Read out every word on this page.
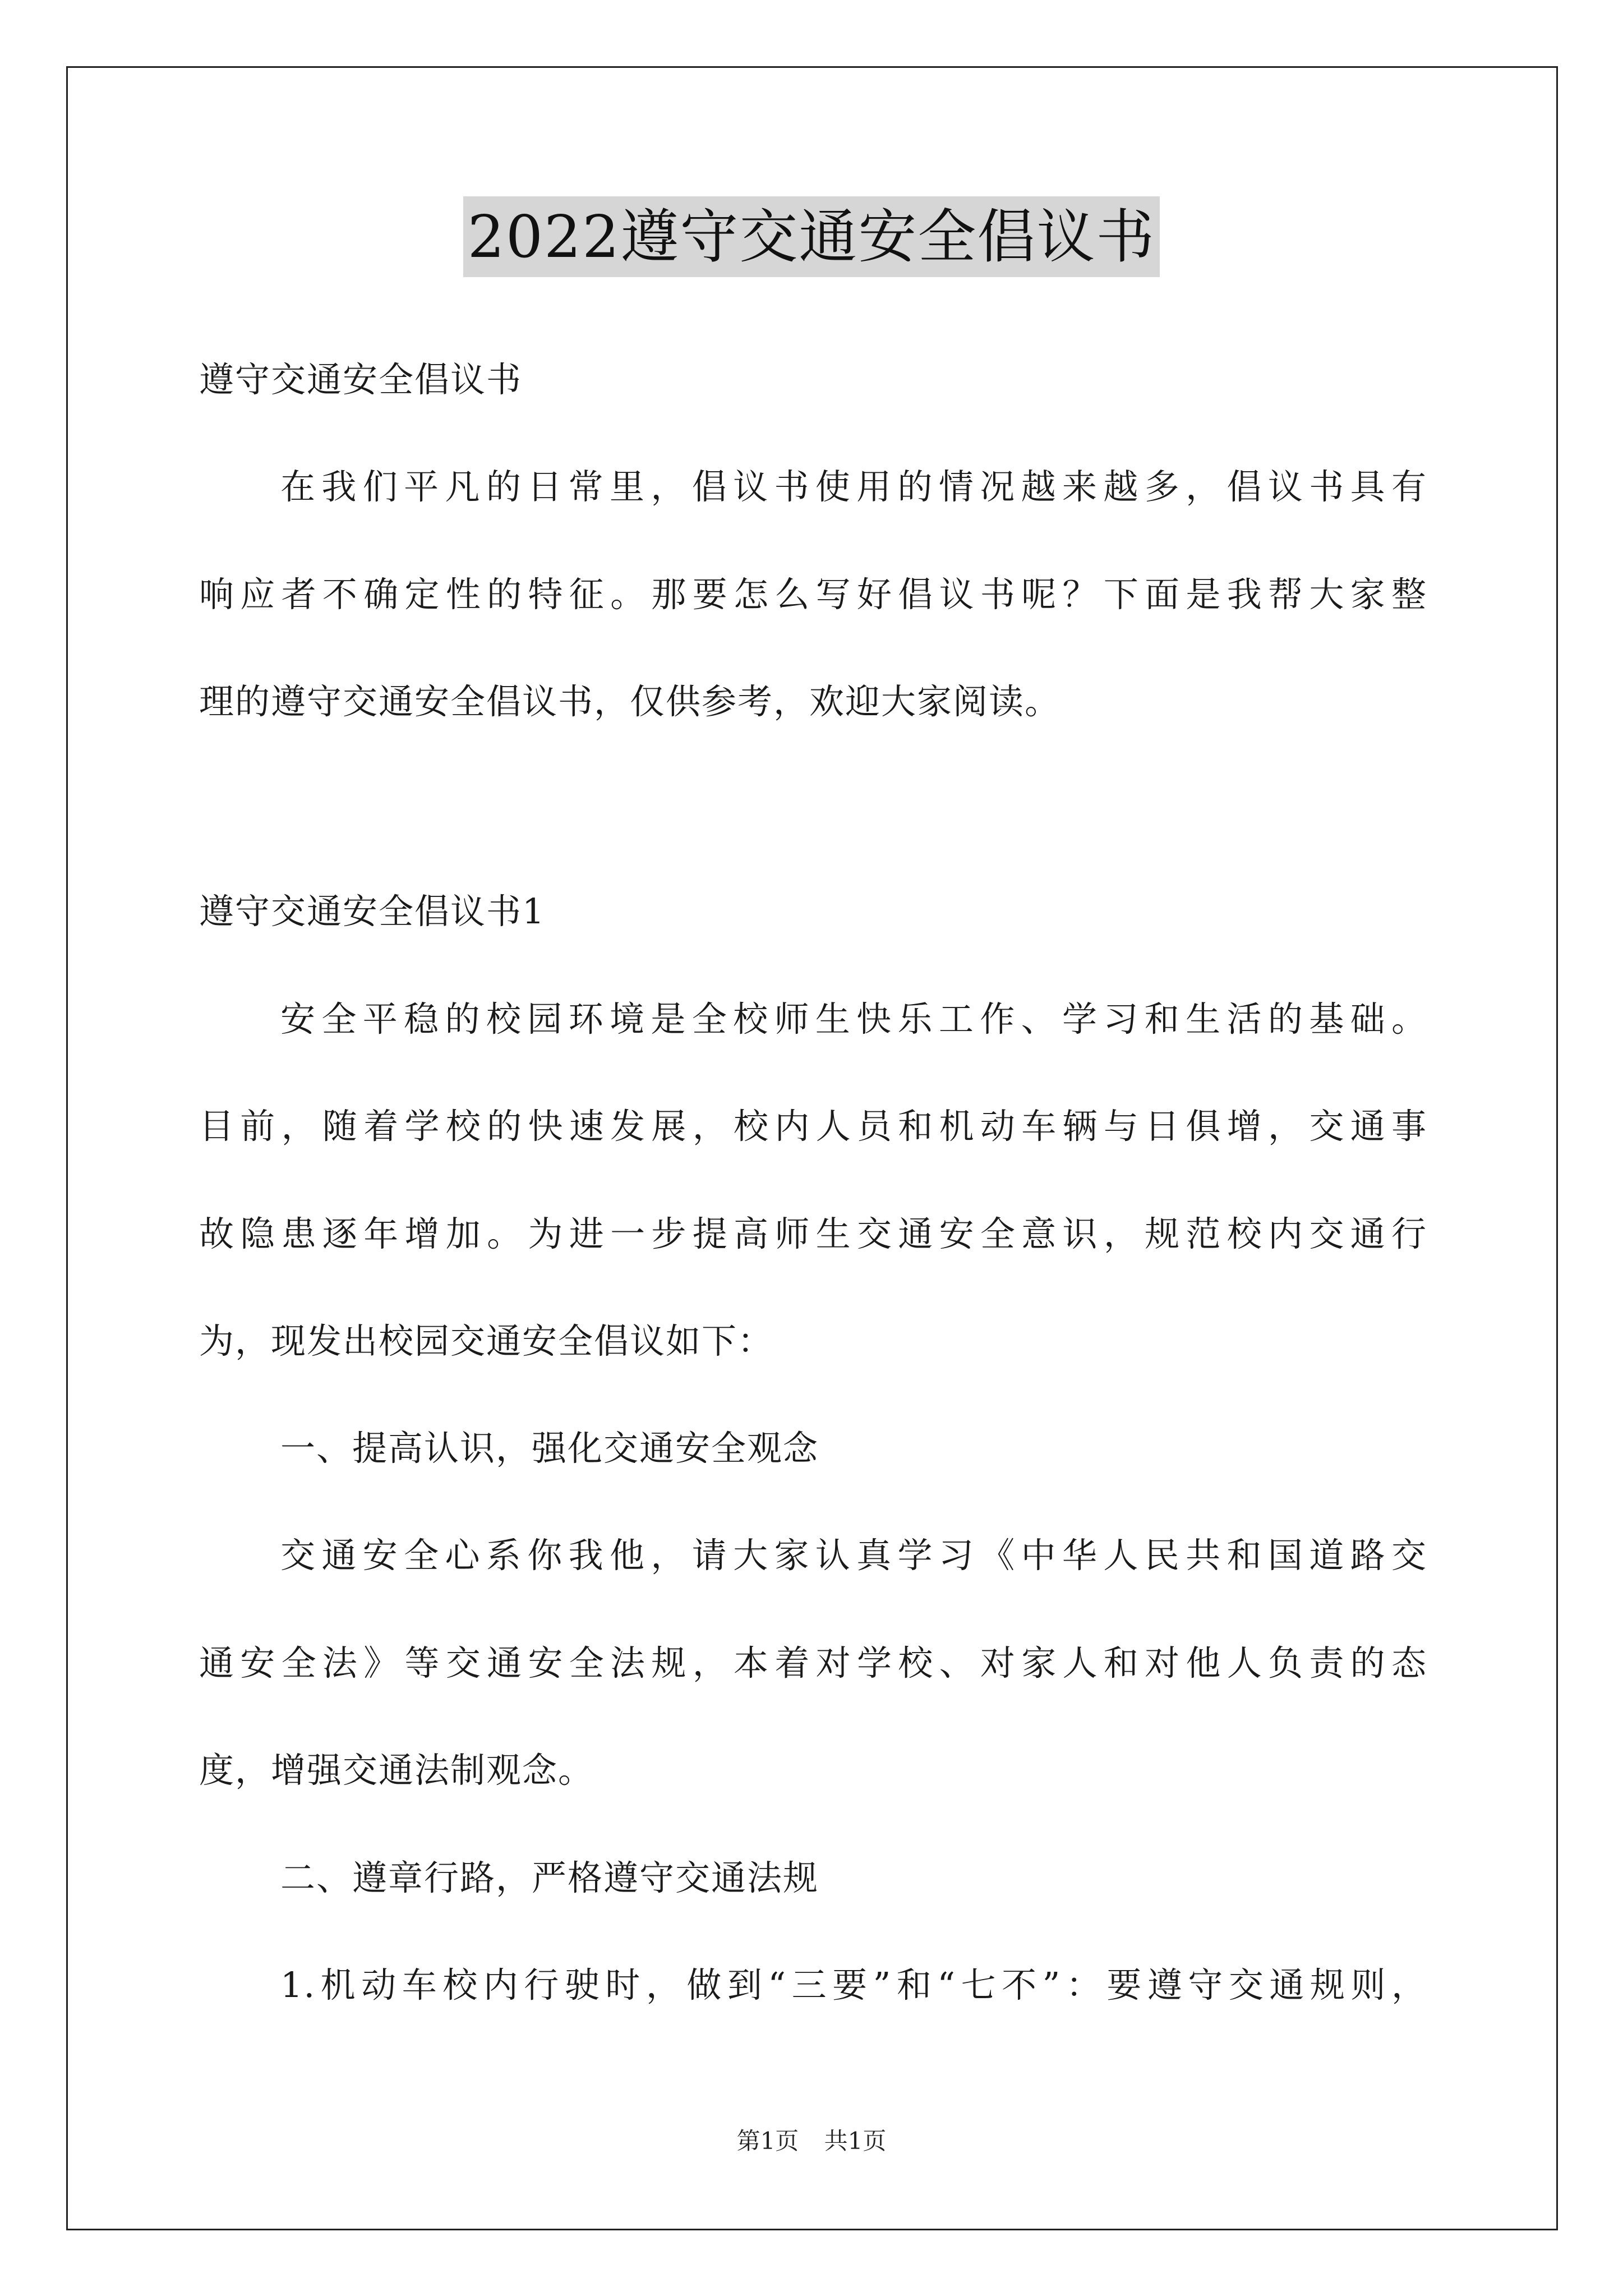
2022遵守交通安全倡议书
遵守交通安全倡议书
在我们平凡的日常里，倡议书使用的情况越来越多，倡议书具有
响应者不确定性的特征。那要怎么写好倡议书呢？下面是我帮大家整
理的遵守交通安全倡议书，仅供参考，欢迎大家阅读。
遵守交通安全倡议书1
安全平稳的校园环境是全校师生快乐工作、学习和生活的基础。
目前，随着学校的快速发展，校内人员和机动车辆与日俱增，交通事
故隐患逐年增加。为进一步提高师生交通安全意识，规范校内交通行
为，现发出校园交通安全倡议如下：
一、提高认识，强化交通安全观念
交通安全心系你我他，请大家认真学习《中华人民共和国道路交
通安全法》等交通安全法规，本着对学校、对家人和对他人负责的态
度，增强交通法制观念。
二、遵章行路，严格遵守交通法规
1.机动车校内行驶时，做到“三要”和“七不”：要遵守交通规则，
第1页 共1页
